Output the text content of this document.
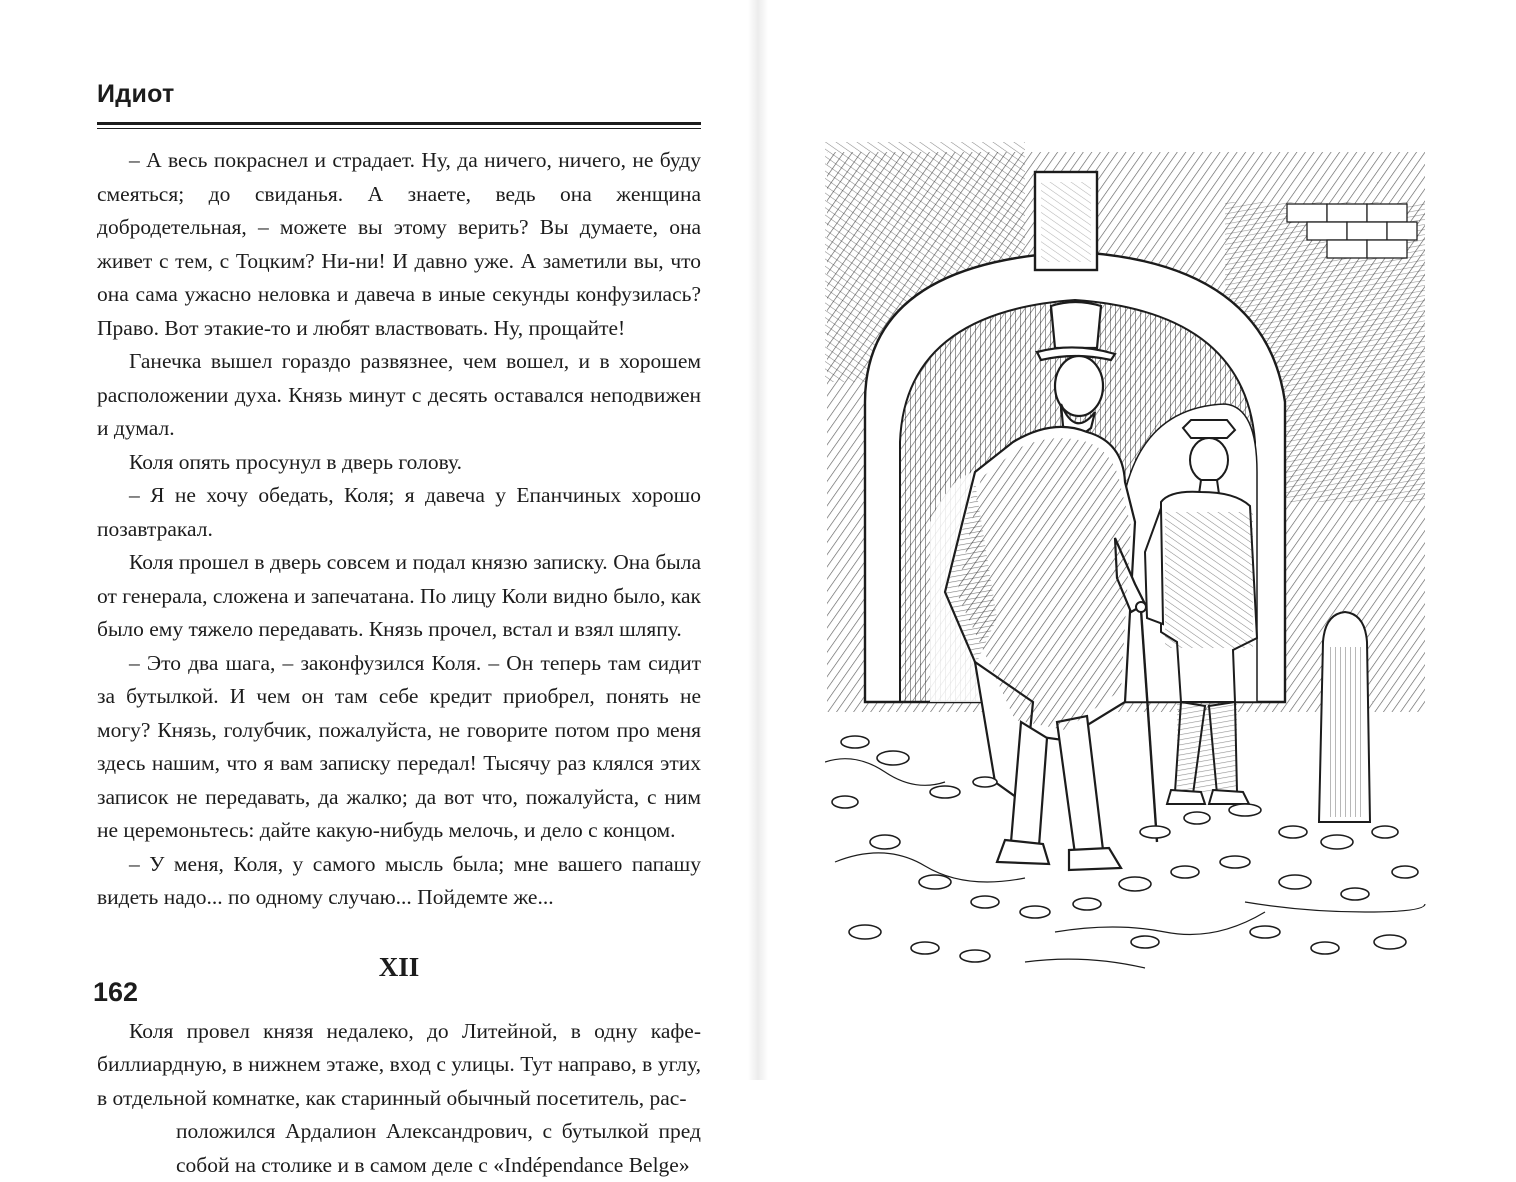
Идиот

– А весь покраснел и страдает. Ну, да ничего, ничего, не буду смеяться; до свиданья. А знаете, ведь она женщина добродетельная, – можете вы этому верить? Вы думаете, она живет с тем, с Тоцким? Ни-ни! И давно уже. А заметили вы, что она сама ужасно неловка и давеча в иные секунды конфузилась? Право. Вот этакие-то и любят властвовать. Ну, прощайте!

Ганечка вышел гораздо развязнее, чем вошел, и в хорошем расположении духа. Князь минут с десять оставался неподвижен и думал.

Коля опять просунул в дверь голову.

– Я не хочу обедать, Коля; я давеча у Епанчиных хорошо позавтракал.

Коля прошел в дверь совсем и подал князю записку. Она была от генерала, сложена и запечатана. По лицу Коли видно было, как было ему тяжело передавать. Князь прочел, встал и взял шляпу.

– Это два шага, – законфузился Коля. – Он теперь там сидит за бутылкой. И чем он там себе кредит приобрел, понять не могу? Князь, голубчик, пожалуйста, не говорите потом про меня здесь нашим, что я вам записку передал! Тысячу раз клялся этих записок не передавать, да жалко; да вот что, пожалуйста, с ним не церемоньтесь: дайте какую-нибудь мелочь, и дело с концом.

– У меня, Коля, у самого мысль была; мне вашего папашу видеть надо... по одному случаю... Пойдемте же...

XII

Коля провел князя недалеко, до Литейной, в одну кафе-биллиардную, в нижнем этаже, вход с улицы. Тут направо, в углу, в отдельной комнатке, как старинный обычный посетитель, рас-

положился Ардалион Александрович, с бутылкой пред собой на столике и в самом деле с «Indépendance Belge»

162
